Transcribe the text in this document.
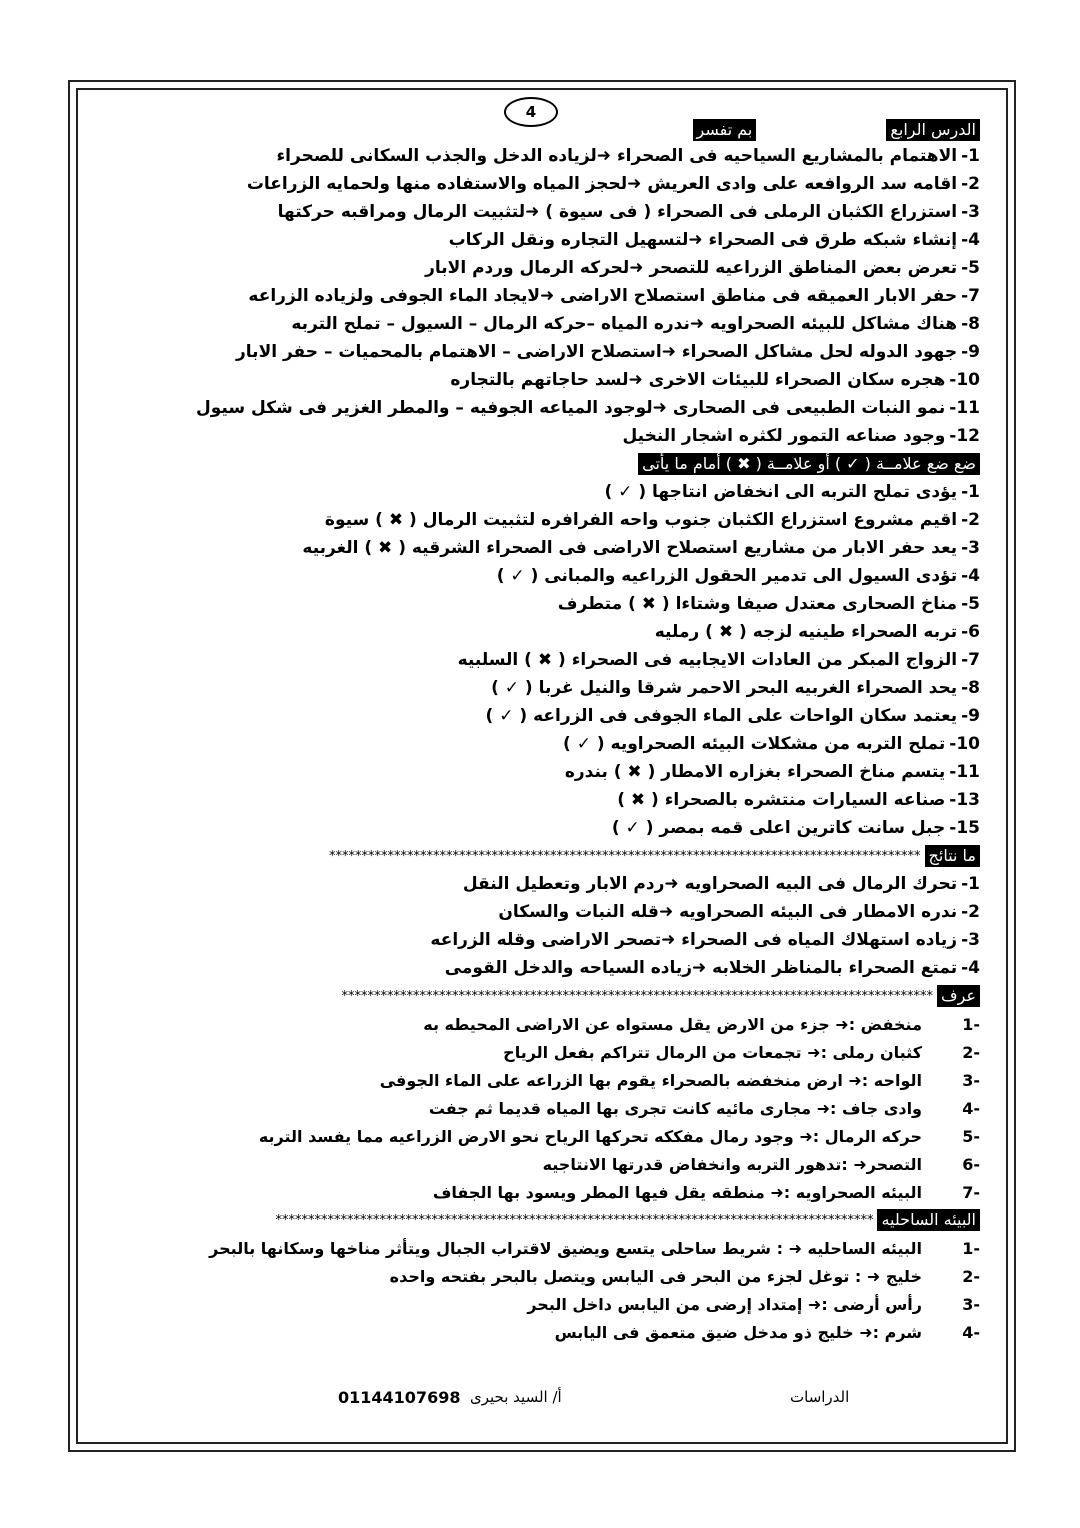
4
الدرس الرابع
بم تفسر
1-
الاهتمام بالمشاريع السياحيه فى الصحراء ➜لزياده الدخل والجذب السكانى للصحراء
2-
اقامه سد الروافعه على وادى العريش ➜لحجز المياه والاستفاده منها ولحمايه الزراعات
3-
استزراع الكثبان الرملى فى الصحراء ( فى سيوة ) ➜لتثبيت الرمال ومراقبه حركتها
4-
إنشاء شبكه طرق فى الصحراء ➜لتسهيل التجاره ونقل الركاب
5-
تعرض بعض المناطق الزراعيه للتصحر ➜لحركه الرمال وردم الابار
7-
حفر الابار العميقه فى مناطق استصلاح الاراضى ➜لايجاد الماء الجوفى ولزياده الزراعه
8-
هناك مشاكل للبيئه الصحراويه ➜ندره المياه –حركه الرمال – السيول – تملح التربه
9-
جهود الدوله لحل مشاكل الصحراء ➜استصلاح الاراضى – الاهتمام بالمحميات – حفر الابار
10-
هجره سكان الصحراء للبيئات الاخرى ➜لسد حاجاتهم بالتجاره
11-
نمو النبات الطبيعى فى الصحارى ➜لوجود المياعه الجوفيه – والمطر الغزير فى شكل سيول
12-
وجود صناعه التمور لكثره اشجار النخيل
ضع ضع علامــة ( ✓ ) أو علامــة ( ✖ ) أمام ما يأتى
1-
يؤدى تملح التربه الى انخفاض انتاجها ( ✓ )
2-
اقيم مشروع استزراع الكثبان جنوب واحه الفرافره لتثبيت الرمال ( ✖ ) سيوة
3-
يعد حفر الابار من مشاريع استصلاح الاراضى فى الصحراء الشرقيه ( ✖ ) الغربيه
4-
تؤدى السيول الى تدمير الحقول الزراعيه والمبانى ( ✓ )
5-
مناخ الصحارى معتدل صيفا وشتاءا ( ✖ ) متطرف
6-
تربه الصحراء طينيه لزجه ( ✖ ) رمليه
7-
الزواج المبكر من العادات الايجابيه فى الصحراء ( ✖ ) السلبيه
8-
يحد الصحراء الغربيه البحر الاحمر شرقا والنيل غربا ( ✓ )
9-
يعتمد سكان الواحات على الماء الجوفى فى الزراعه ( ✓ )
10-
تملح التربه من مشكلات البيئه الصحراويه ( ✓ )
11-
يتسم مناخ الصحراء بغزاره الامطار ( ✖ ) بندره
13-
صناعه السيارات منتشره بالصحراء ( ✖ )
15-
جبل سانت كاترين اعلى قمه بمصر ( ✓ )
ما نتائج
*******************************************************************************************
1-
تحرك الرمال فى البيه الصحراويه ➜ردم الابار وتعطيل النقل
2-
ندره الامطار فى البيئه الصحراويه ➜قله النبات والسكان
3-
زياده استهلاك المياه فى الصحراء ➜تصحر الاراضى وقله الزراعه
4-
تمتع الصحراء بالمناظر الخلابه ➜زياده السياحه والدخل القومى
عرف
*******************************************************************************************
-1
منخفض :➜ جزء من الارض يقل مستواه عن الاراضى المحيطه به
-2
كثبان رملى :➜ تجمعات من الرمال تتراكم بفعل الرياح
-3
الواحه :➜ ارض منخفضه بالصحراء يقوم بها الزراعه على الماء الجوفى
-4
وادى جاف :➜ مجارى مائيه كانت تجرى بها المياه قديما ثم جفت
-5
حركه الرمال :➜ وجود رمال مفككه تحركها الرياح نحو الارض الزراعيه مما يفسد التربه
-6
التصحر➜ :تدهور التربه وانخفاض قدرتها الانتاجيه
-7
البيئه الصحراويه :➜ منطقه يقل فيها المطر ويسود بها الجفاف
البيئه الساحليه
********************************************************************************************
-1
البيئه الساحليه ➜ : شريط ساحلى يتسع ويضيق لاقتراب الجبال ويتأثر مناخها وسكانها بالبحر
-2
خليج ➜ : توغل لجزء من البحر فى اليابس ويتصل بالبحر بفتحه واحده
-3
رأس أرضى :➜ إمتداد إرضى من اليابس داخل البحر
-4
شرم :➜ خليج ذو مدخل ضيق متعمق فى اليابس
الدراسات
أ/ السيد بحيرى
01144107698
